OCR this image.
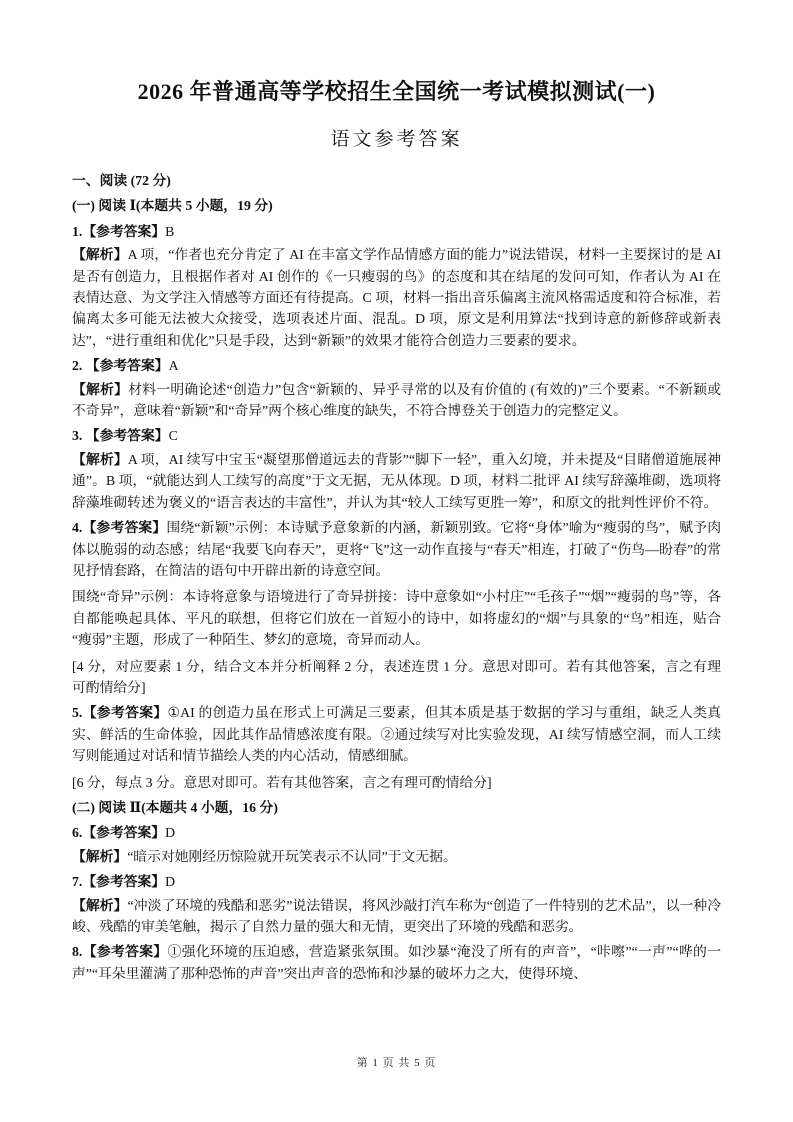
2026 年普通高等学校招生全国统一考试模拟测试(一)
语文参考答案

一、阅读 (72 分)

(一) 阅读 Ⅰ(本题共 5 小题，19 分)

1.【参考答案】B

【解析】A 项，“作者也充分肯定了 AI 在丰富文学作品情感方面的能力”说法错误，材料一主要探讨的是 AI 是否有创造力，且根据作者对 AI 创作的《一只瘦弱的鸟》的态度和其在结尾的发问可知，作者认为 AI 在表情达意、为文学注入情感等方面还有待提高。C 项，材料一指出音乐偏离主流风格需适度和符合标准，若偏离太多可能无法被大众接受，选项表述片面、混乱。D 项，原文是利用算法“找到诗意的新修辞或新表达”，“进行重组和优化”只是手段，达到“新颖”的效果才能符合创造力三要素的要求。

2. 【参考答案】A

【解析】材料一明确论述“创造力”包含“新颖的、异乎寻常的以及有价值的 (有效的)”三个要素。“不新颖或不奇异”，意味着“新颖”和“奇异”两个核心维度的缺失，不符合博登关于创造力的完整定义。

3. 【参考答案】C

【解析】A 项，AI 续写中宝玉“凝望那僧道远去的背影”“脚下一轻”，重入幻境，并未提及“目睹僧道施展神通”。B 项，“就能达到人工续写的高度”于文无据，无从体现。D 项，材料二批评 AI 续写辞藻堆砌，选项将辞藻堆砌转述为褒义的“语言表达的丰富性”，并认为其“较人工续写更胜一筹”，和原文的批判性评价不符。

4.【参考答案】围绕“新颖”示例：本诗赋予意象新的内涵，新颖别致。它将“身体”喻为“瘦弱的鸟”，赋予肉体以脆弱的动态感；结尾“我要飞向春天”，更将“飞”这一动作直接与“春天”相连，打破了“伤鸟—盼春”的常见抒情套路，在简洁的语句中开辟出新的诗意空间。

围绕“奇异”示例：本诗将意象与语境进行了奇异拼接：诗中意象如“小村庄”“毛孩子”“烟”“瘦弱的鸟”等，各自都能唤起具体、平凡的联想，但将它们放在一首短小的诗中，如将虚幻的“烟”与具象的“鸟”相连，贴合“瘦弱”主题，形成了一种陌生、梦幻的意境，奇异而动人。

[4 分，对应要素 1 分，结合文本并分析阐释 2 分，表述连贯 1 分。意思对即可。若有其他答案，言之有理可酌情给分]

5.【参考答案】①AI 的创造力虽在形式上可满足三要素，但其本质是基于数据的学习与重组，缺乏人类真实、鲜活的生命体验，因此其作品情感浓度有限。②通过续写对比实验发现，AI 续写情感空洞，而人工续写则能通过对话和情节描绘人类的内心活动，情感细腻。

[6 分，每点 3 分。意思对即可。若有其他答案，言之有理可酌情给分]

(二) 阅读 Ⅱ(本题共 4 小题，16 分)

6.【参考答案】D

【解析】“暗示对她刚经历惊险就开玩笑表示不认同”于文无据。

7.【参考答案】D

【解析】“冲淡了环境的残酷和恶劣”说法错误，将风沙敲打汽车称为“创造了一件特别的艺术品”，以一种冷峻、残酷的审美笔触，揭示了自然力量的强大和无情，更突出了环境的残酷和恶劣。

8.【参考答案】①强化环境的压迫感，营造紧张氛围。如沙暴“淹没了所有的声音”，“咔嚓”“一声”“哗的一声”“耳朵里灌满了那种恐怖的声音”突出声音的恐怖和沙暴的破坏力之大，使得环境、

第 1 页 共 5 页
